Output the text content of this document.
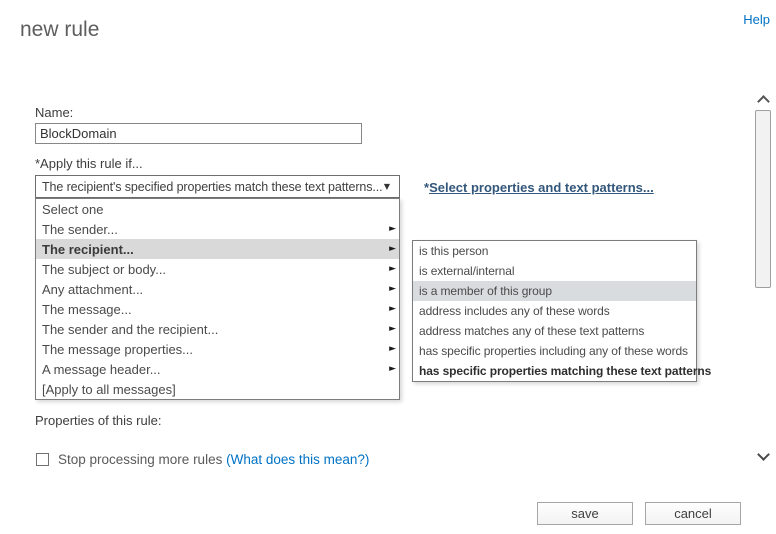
new rule	Help
Name:
BlockDomain
*Apply this rule if...
The recipient's specified properties match these text patterns... ▼
Select one
The sender...	►
The recipient...	►
The subject or body...	►
Any attachment...	►
The message...	►
The sender and the recipient...	►
The message properties...	►
A message header...	►
[Apply to all messages]
is this person
is external/internal
is a member of this group
address includes any of these words
address matches any of these text patterns
has specific properties including any of these words
has specific properties matching these text patterns
*Select properties and text patterns...
Properties of this rule:
Stop processing more rules (What does this mean?)
save	cancel
